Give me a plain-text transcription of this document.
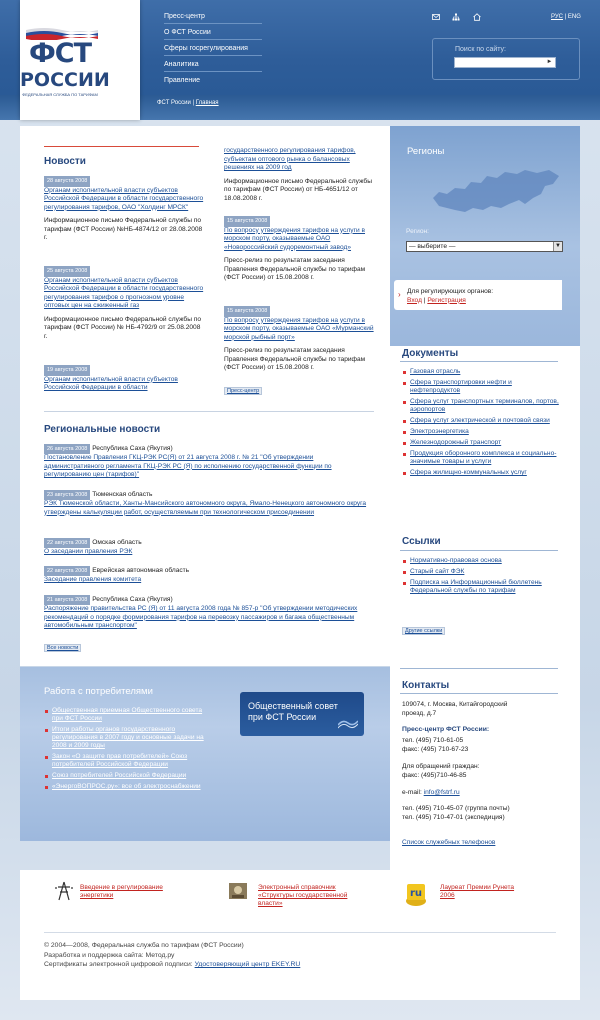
ФСТ
РОССИИ
ФЕДЕРАЛЬНАЯ СЛУЖБА ПО ТАРИФАМ
Пресс-центр
О ФСТ России
Сферы госрегулирования
Аналитика
Правление
РУС | ENG
Поиск по сайту:
►
ФСТ России | Главная
Новости
28 августа 2008
Органам исполнительной власти субъектов Российской Федерации в области государственного регулирования тарифов, ОАО "Холдинг МРСК"
Информационное письмо Федеральной службы по тарифам (ФСТ России) №НБ-4874/12 от 28.08.2008 г.
25 августа 2008
Органам исполнительной власти субъектов Российской Федерации в области государственного регулирования тарифов о прогнозном уровне оптовых цен на сжиженный газ
Информационное письмо Федеральной службы по тарифам (ФСТ России) № НБ-4792/9 от 25.08.2008 г.
19 августа 2008
Органам исполнительной власти субъектов Российской Федерации в области
государственного регулирования тарифов, субъектам оптового рынка о балансовых решениях на 2009 год
Информационное письмо Федеральной службы по тарифам (ФСТ России) от НБ-4651/12 от 18.08.2008 г.
15 августа 2008
По вопросу утверждения тарифов на услуги в морском порту, оказываемые ОАО «Новороссийский судоремонтный завод»
Пресс-релиз по результатам заседания Правления Федеральной службы по тарифам (ФСТ России) от 15.08.2008 г.
15 августа 2008
По вопросу утверждения тарифов на услуги в морском порту, оказываемые ОАО «Мурманский морской рыбный порт»
Пресс-релиз по результатам заседания Правления Федеральной службы по тарифам (ФСТ России) от 15.08.2008 г.
Пресс-центр
Региональные новости
26 августа 2008 Республика Саха (Якутия)
Постановление Правления ГКЦ-РЭК РС(Я) от 21 августа 2008 г. № 21 "Об утверждении административного регламента ГКЦ-РЭК РС (Я) по исполнению государственной функции по регулированию цен (тарифов)"
23 августа 2008 Тюменская область
РЭК Тюменской области, Ханты-Мансийского автономного округа, Ямало-Ненецкого автономного округа утверждены калькуляции работ, осуществляемым при технологическом присоединении
22 августа 2008 Омская область
О заседании правления РЭК
22 августа 2008 Еврейская автономная область
Заседание правления комитета
21 августа 2008 Республика Саха (Якутия)
Распоряжение правительства РС (Я) от 11 августа 2008 года № 857-р "Об утверждении методических рекомендаций о порядке формирования тарифов на перевозку пассажиров и багажа общественным автомобильным транспортом"
Все новости
Регионы
Регион:
— выберите —	▼
› Для регулирующих органов:
Вход | Регистрация
Документы
Газовая отрасль
Сфера транспортировки нефти и нефтепродуктов
Сфера услуг транспортных терминалов, портов, аэропортов
Сфера услуг электрической и почтовой связи
Электроэнергетика
Железнодорожный транспорт
Продукция оборонного комплекса и социально-значимые товары и услуги
Сфера жилищно-коммунальных услуг
Ссылки
Нормативно-правовая основа
Старый сайт ФЭК
Подписка на Информационный бюллетень Федеральной службы по тарифам
Другие ссылки
Работа с потребителями
Общественная приемная Общественного совета при ФСТ России
Итоги работы органов государственного регулирования в 2007 году и основные задачи на 2008 и 2009 годы
Закон «О защите прав потребителей» Союз потребителей Российской Федерации
Союз потребителей Российской Федерации
«ЭнергоВОПРОС.ру»: все об электроснабжении
Общественный совет при ФСТ России
Контакты
109074, г. Москва, Китайгородский проезд, д.7
Пресс-центр ФСТ России:
тел. (495) 710-61-05
факс: (495) 710-67-23
Для обращений граждан:
факс: (495)710-46-85
e-mail: info@fstrf.ru
тел. (495) 710-45-07 (группа почты)
тел. (495) 710-47-01 (экспедиция)
Список служебных телефонов
Введение в регулирование энергетики
Электронный справочник «Структуры государственной власти»
ru
Лауреат Премии Рунета 2006
© 2004—2008, Федеральная служба по тарифам (ФСТ России)
Разработка и поддержка сайта: Метод.ру
Сертификаты электронной цифровой подписи: Удостоверяющий центр EKEY.RU
